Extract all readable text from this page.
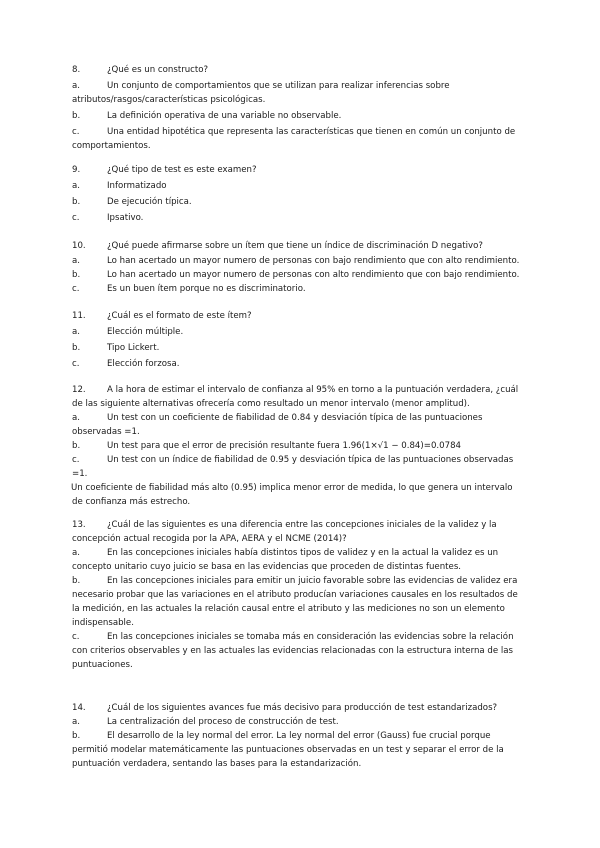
8.	¿Qué es un constructo?
a.	Un conjunto de comportamientos que se utilizan para realizar inferencias sobre
atributos/rasgos/características psicológicas.
b.	La definición operativa de una variable no observable.
c.	Una entidad hipotética que representa las características que tienen en común un conjunto de
comportamientos.
9.	¿Qué tipo de test es este examen?
a.	Informatizado
b.	De ejecución típica.
c.	Ipsativo.
10.	¿Qué puede afirmarse sobre un ítem que tiene un índice de discriminación D negativo?
a.	Lo han acertado un mayor numero de personas con bajo rendimiento que con alto rendimiento.
b.	Lo han acertado un mayor numero de personas con alto rendimiento que con bajo rendimiento.
c.	Es un buen ítem porque no es discriminatorio.
11.	¿Cuál es el formato de este ítem?
a.	Elección múltiple.
b.	Tipo Lickert.
c.	Elección forzosa.
12.	A la hora de estimar el intervalo de confianza al 95% en torno a la puntuación verdadera, ¿cuál
de las siguiente alternativas ofrecería como resultado un menor intervalo (menor amplitud).
a.	Un test con un coeficiente de fiabilidad de 0.84 y desviación típica de las puntuaciones
observadas =1.
b.	Un test para que el error de precisión resultante fuera 1.96(1×√1 − 0.84)=0.0784
c.	Un test con un índice de fiabilidad de 0.95 y desviación típica de las puntuaciones observadas
=1.
Un coeficiente de fiabilidad más alto (0.95) implica menor error de medida, lo que genera un intervalo
de confianza más estrecho.
13.	¿Cuál de las siguientes es una diferencia entre las concepciones iniciales de la validez y la
concepción actual recogida por la APA, AERA y el NCME (2014)?
a.	En las concepciones iniciales había distintos tipos de validez y en la actual la validez es un
concepto unitario cuyo juicio se basa en las evidencias que proceden de distintas fuentes.
b.	En las concepciones iniciales para emitir un juicio favorable sobre las evidencias de validez era
necesario probar que las variaciones en el atributo producían variaciones causales en los resultados de
la medición, en las actuales la relación causal entre el atributo y las mediciones no son un elemento
indispensable.
c.	En las concepciones iniciales se tomaba más en consideración las evidencias sobre la relación
con criterios observables y en las actuales las evidencias relacionadas con la estructura interna de las
puntuaciones.
14.	¿Cuál de los siguientes avances fue más decisivo para producción de test estandarizados?
a.	La centralización del proceso de construcción de test.
b.	El desarrollo de la ley normal del error. La ley normal del error (Gauss) fue crucial porque
permitió modelar matemáticamente las puntuaciones observadas en un test y separar el error de la
puntuación verdadera, sentando las bases para la estandarización.
